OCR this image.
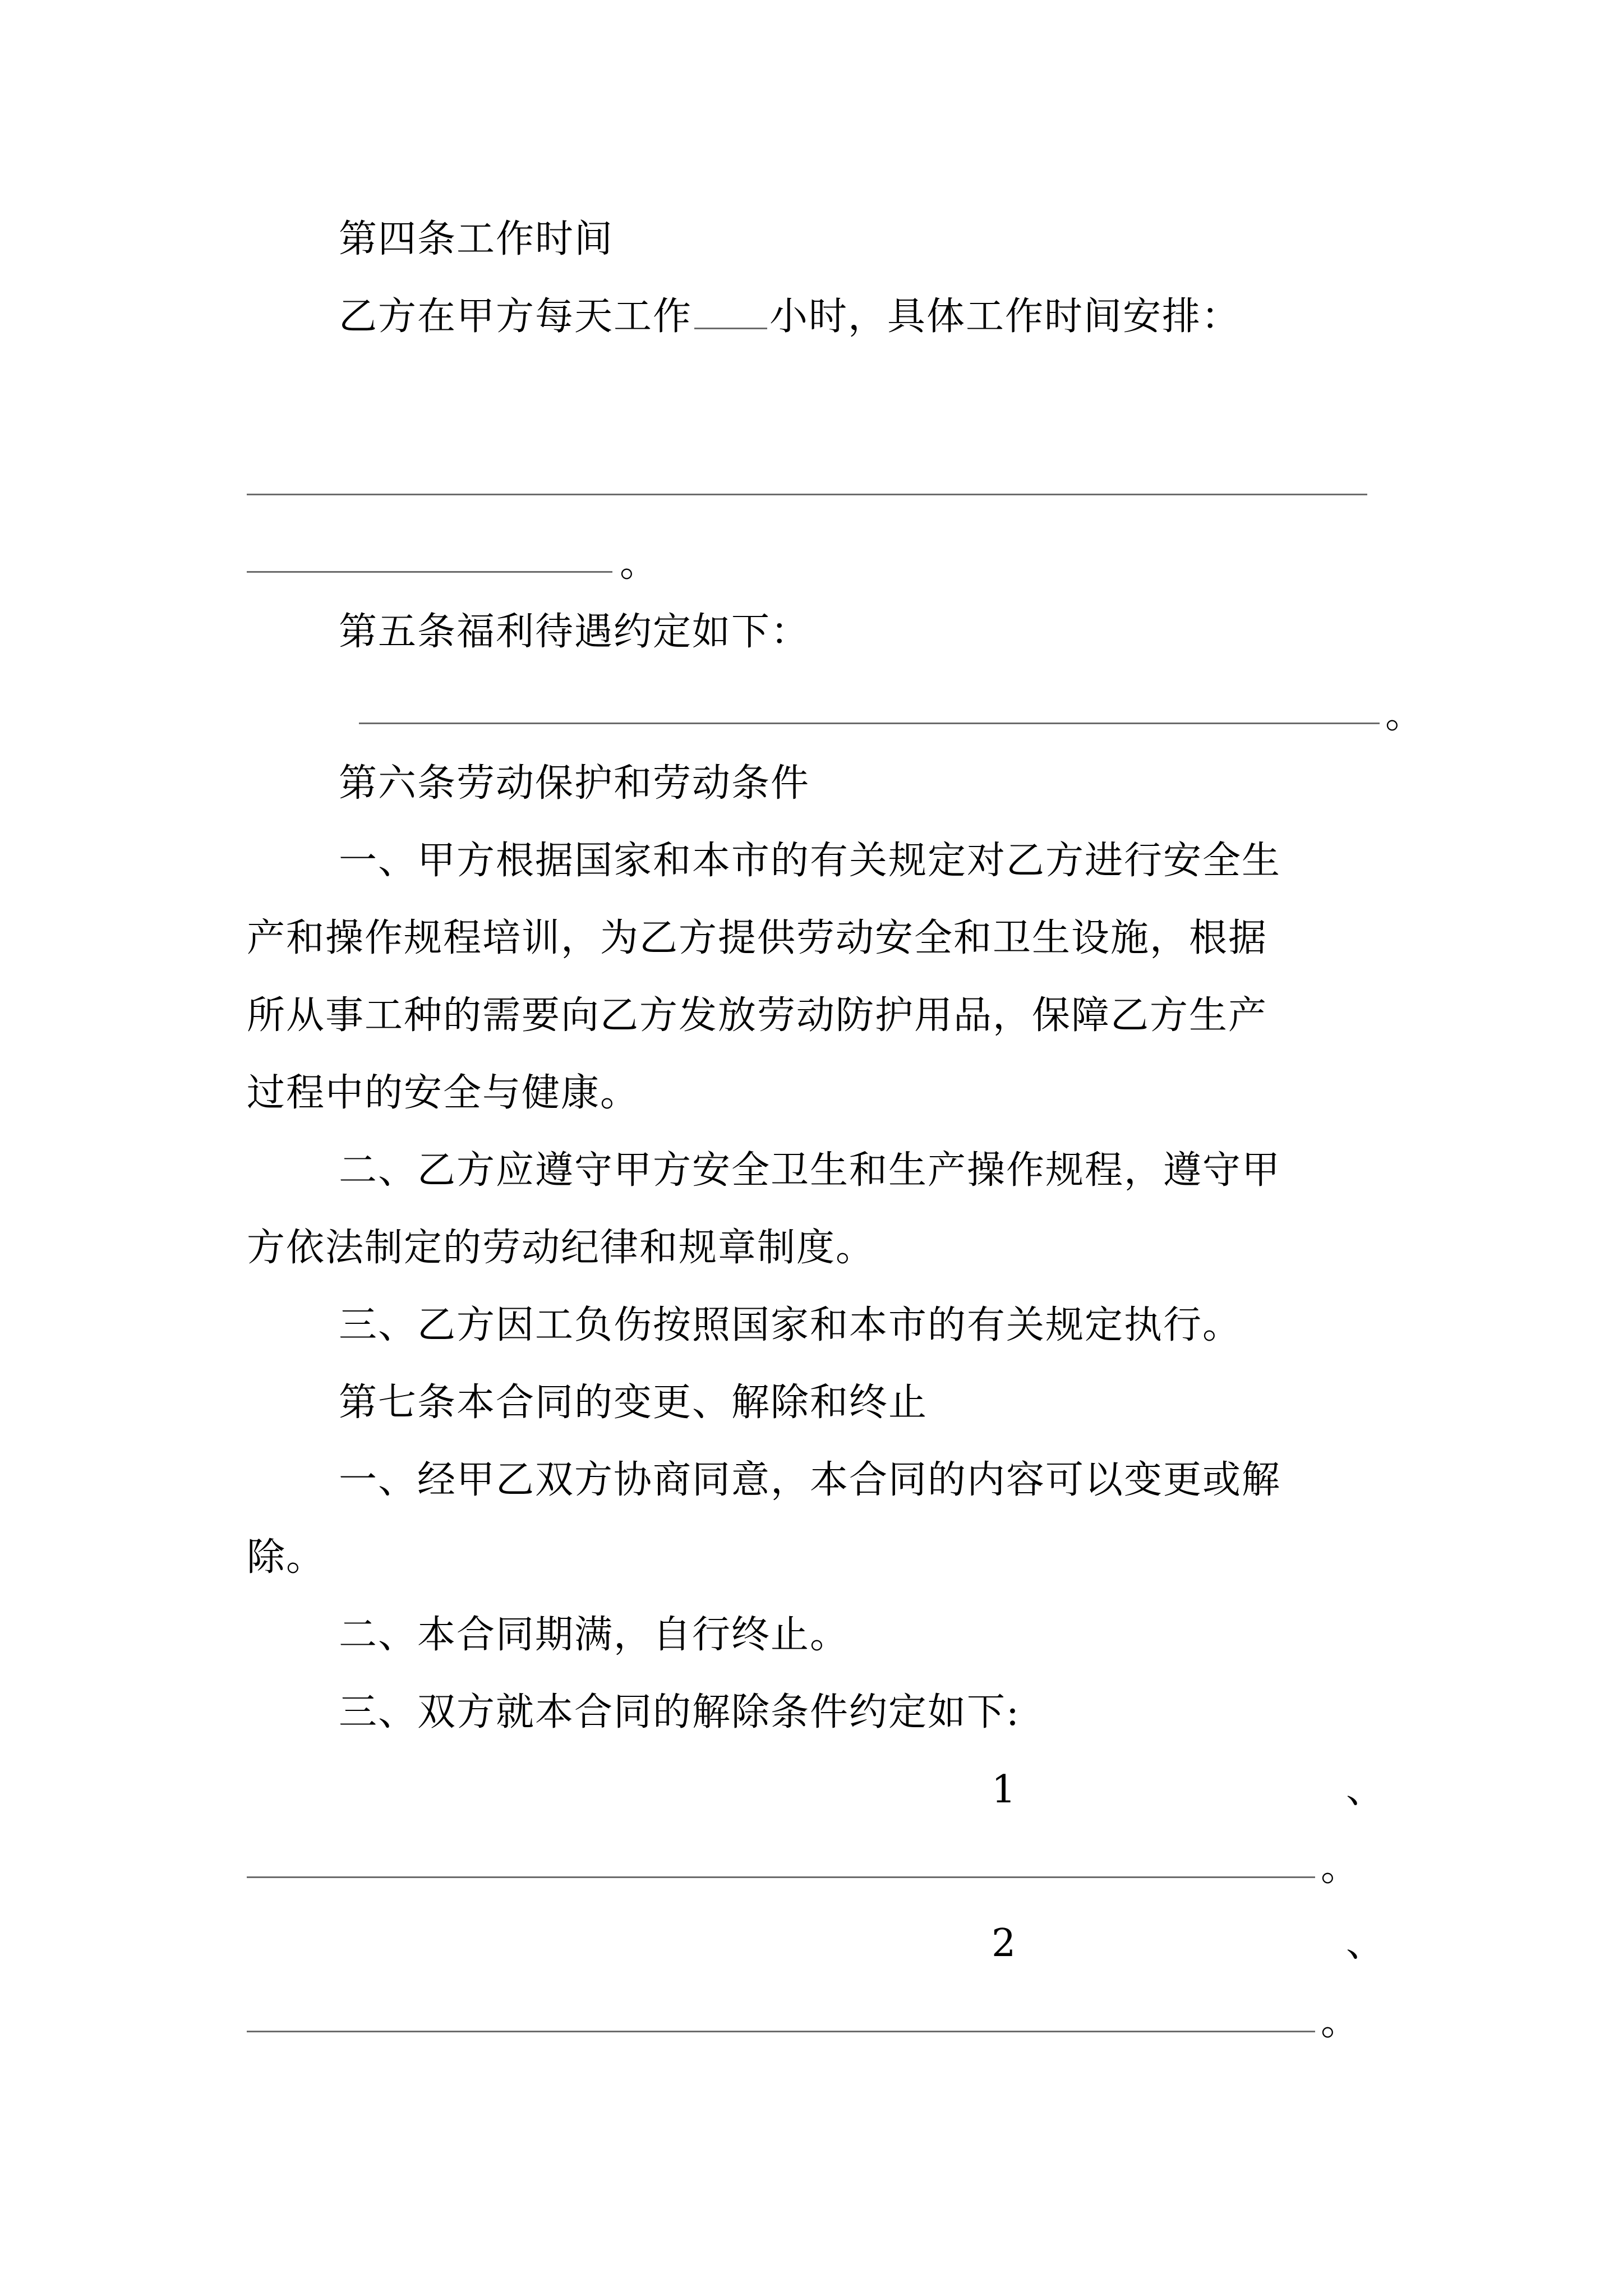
第四条工作时间
乙方在甲方每天工作 小时，具体工作时间安排：
。
第五条福利待遇约定如下：
。
第六条劳动保护和劳动条件
一、甲方根据国家和本市的有关规定对乙方进行安全生
产和操作规程培训，为乙方提供劳动安全和卫生设施，根据
所从事工种的需要向乙方发放劳动防护用品，保障乙方生产
过程中的安全与健康。
二、乙方应遵守甲方安全卫生和生产操作规程，遵守甲
方依法制定的劳动纪律和规章制度。
三、乙方因工负伤按照国家和本市的有关规定执行。
第七条本合同的变更、解除和终止
一、经甲乙双方协商同意，本合同的内容可以变更或解
除。
二、本合同期满，自行终止。
三、双方就本合同的解除条件约定如下:
1	、
。
2	、
。
